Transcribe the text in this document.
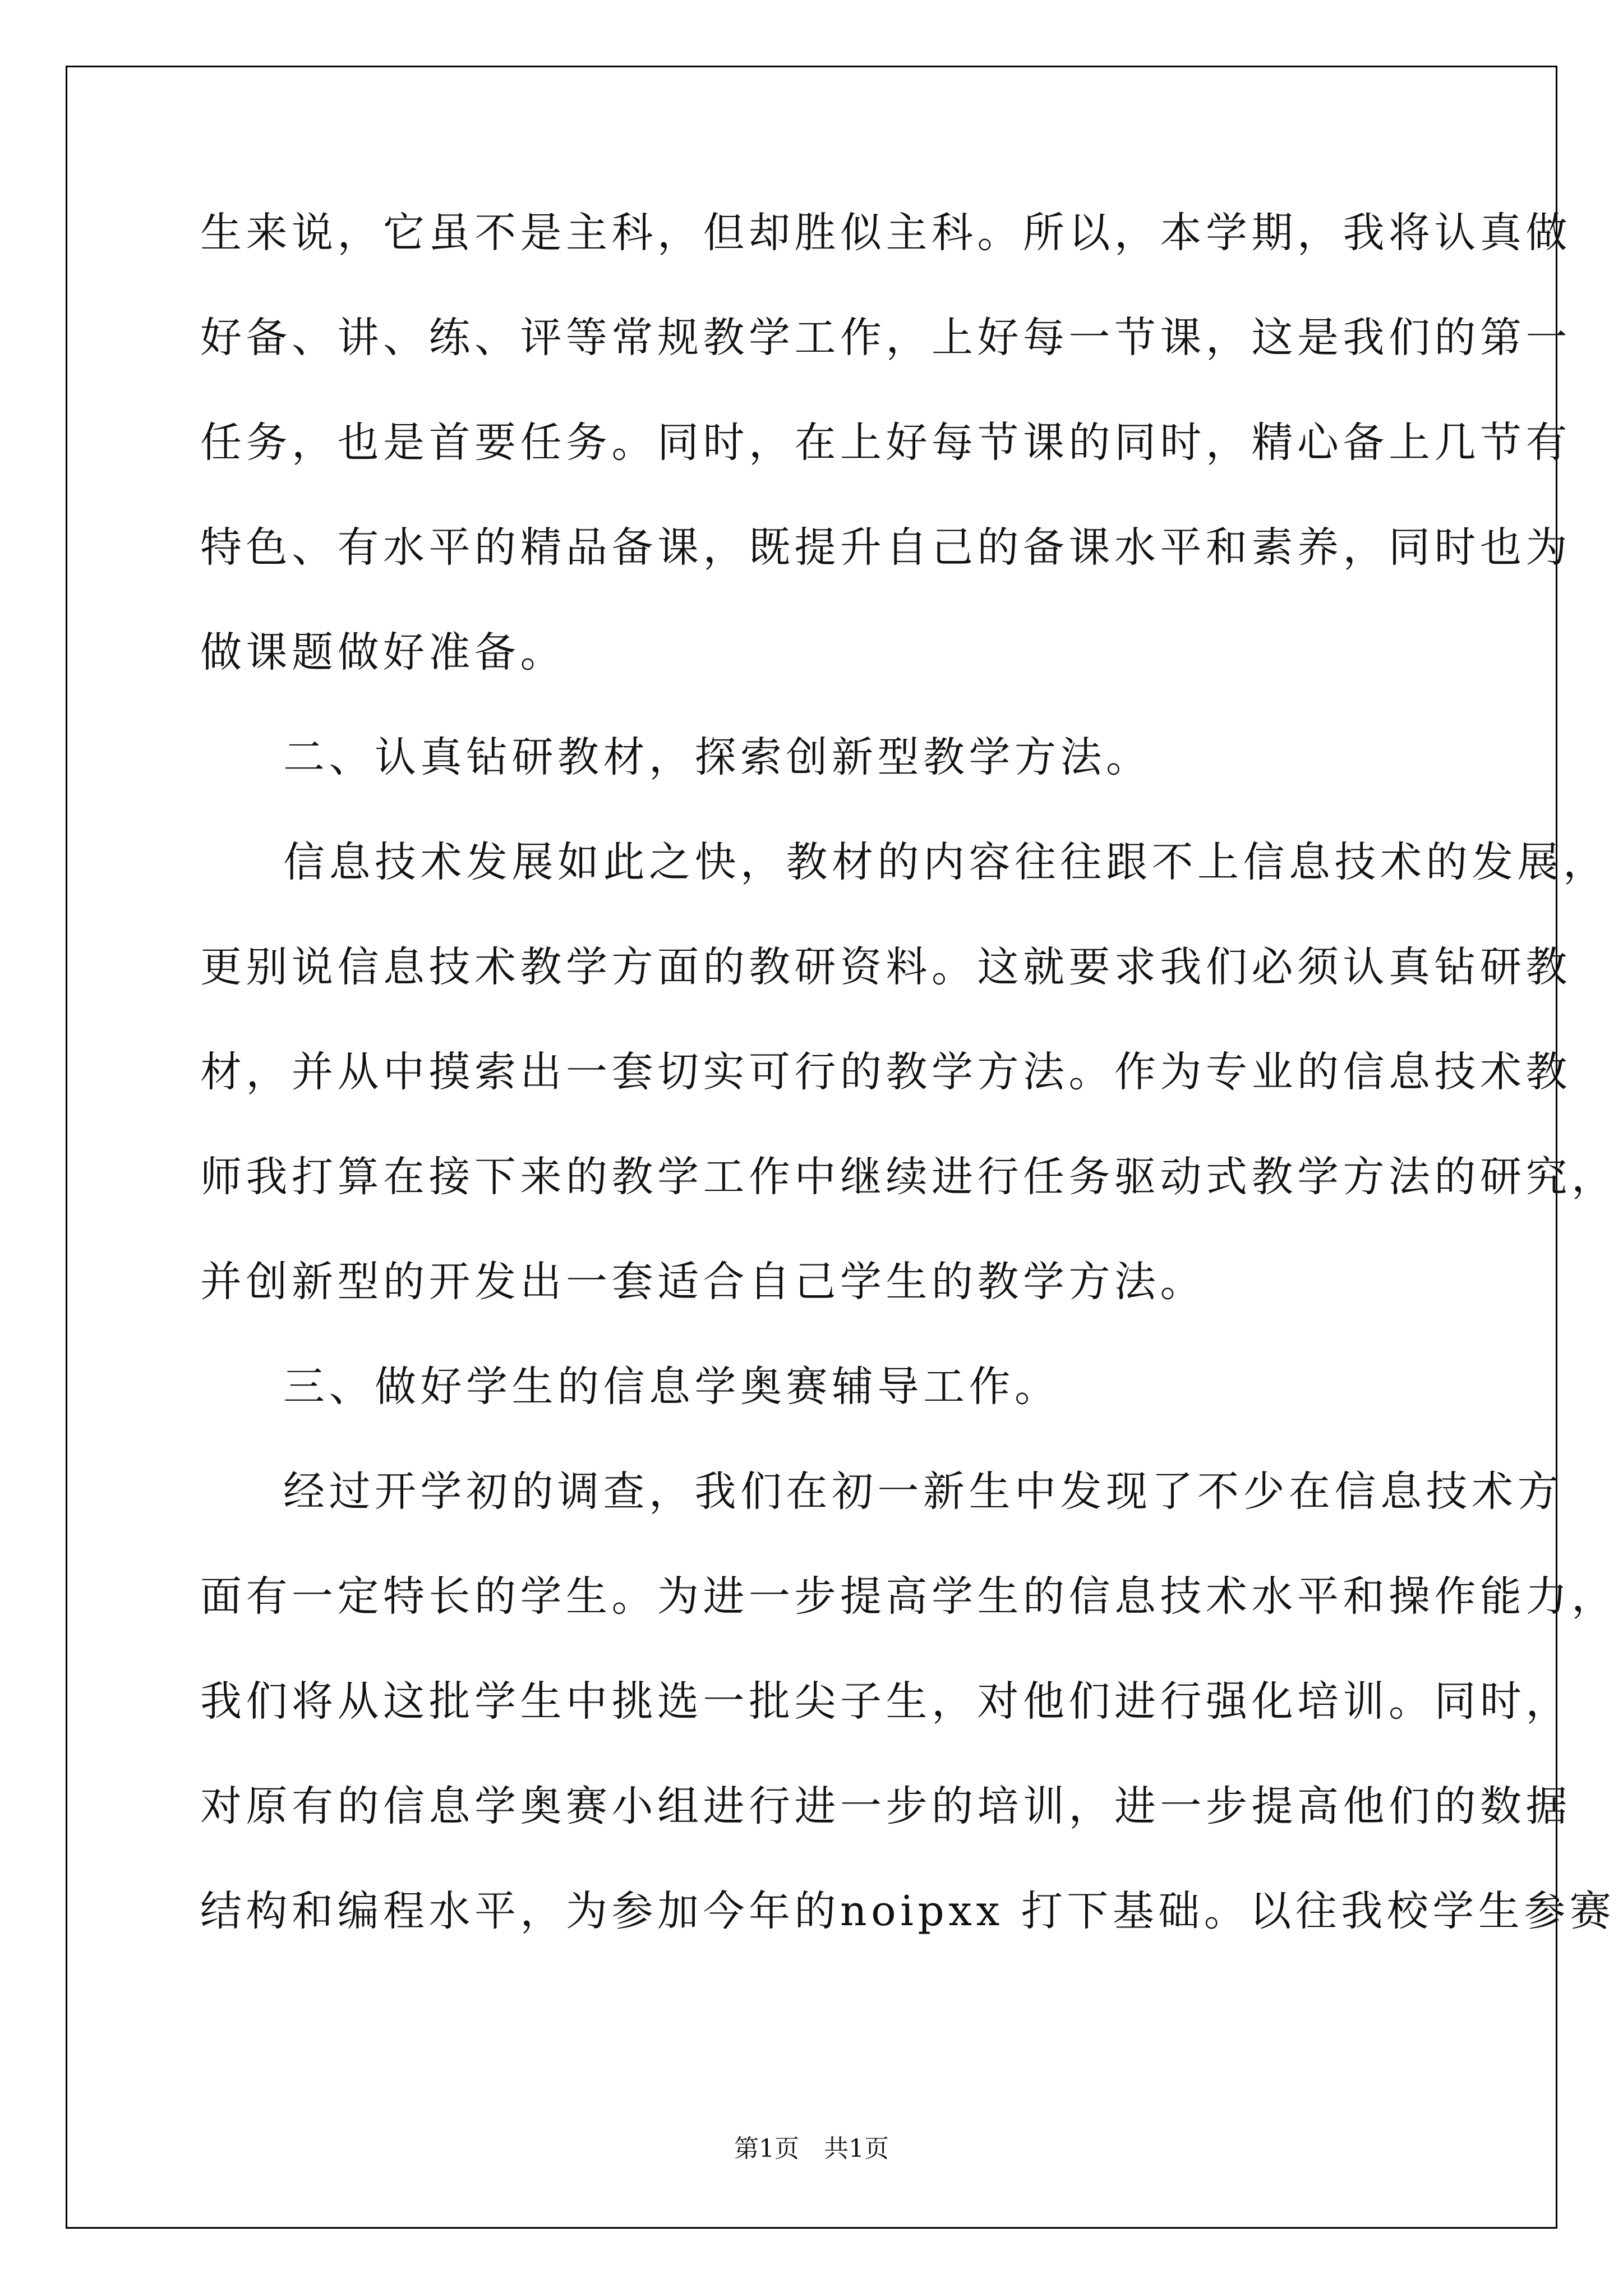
生来说，它虽不是主科，但却胜似主科。所以，本学期，我将认真做
好备、讲、练、评等常规教学工作，上好每一节课，这是我们的第一
任务，也是首要任务。同时，在上好每节课的同时，精心备上几节有
特色、有水平的精品备课，既提升自己的备课水平和素养，同时也为
做课题做好准备。
二、认真钻研教材，探索创新型教学方法。
信息技术发展如此之快，教材的内容往往跟不上信息技术的发展，
更别说信息技术教学方面的教研资料。这就要求我们必须认真钻研教
材，并从中摸索出一套切实可行的教学方法。作为专业的信息技术教
师我打算在接下来的教学工作中继续进行任务驱动式教学方法的研究，
并创新型的开发出一套适合自己学生的教学方法。
三、做好学生的信息学奥赛辅导工作。
经过开学初的调查，我们在初一新生中发现了不少在信息技术方
面有一定特长的学生。为进一步提高学生的信息技术水平和操作能力，
我们将从这批学生中挑选一批尖子生，对他们进行强化培训。同时，
对原有的信息学奥赛小组进行进一步的培训，进一步提高他们的数据
结构和编程水平，为参加今年的noipxx 打下基础。以往我校学生参赛
第1页　共1页
